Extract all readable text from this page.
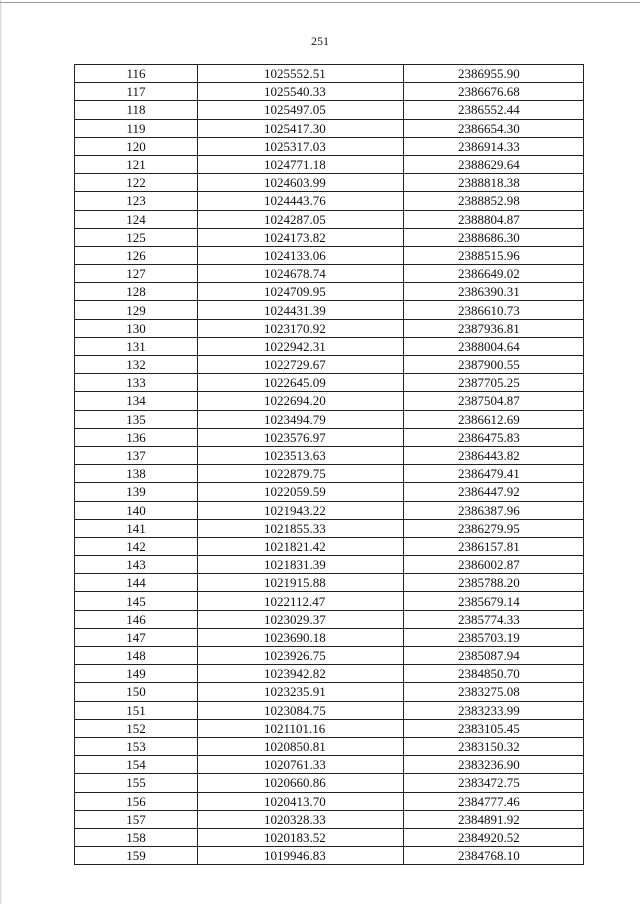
251
116	1025552.51	2386955.90
117	1025540.33	2386676.68
118	1025497.05	2386552.44
119	1025417.30	2386654.30
120	1025317.03	2386914.33
121	1024771.18	2388629.64
122	1024603.99	2388818.38
123	1024443.76	2388852.98
124	1024287.05	2388804.87
125	1024173.82	2388686.30
126	1024133.06	2388515.96
127	1024678.74	2386649.02
128	1024709.95	2386390.31
129	1024431.39	2386610.73
130	1023170.92	2387936.81
131	1022942.31	2388004.64
132	1022729.67	2387900.55
133	1022645.09	2387705.25
134	1022694.20	2387504.87
135	1023494.79	2386612.69
136	1023576.97	2386475.83
137	1023513.63	2386443.82
138	1022879.75	2386479.41
139	1022059.59	2386447.92
140	1021943.22	2386387.96
141	1021855.33	2386279.95
142	1021821.42	2386157.81
143	1021831.39	2386002.87
144	1021915.88	2385788.20
145	1022112.47	2385679.14
146	1023029.37	2385774.33
147	1023690.18	2385703.19
148	1023926.75	2385087.94
149	1023942.82	2384850.70
150	1023235.91	2383275.08
151	1023084.75	2383233.99
152	1021101.16	2383105.45
153	1020850.81	2383150.32
154	1020761.33	2383236.90
155	1020660.86	2383472.75
156	1020413.70	2384777.46
157	1020328.33	2384891.92
158	1020183.52	2384920.52
159	1019946.83	2384768.10
